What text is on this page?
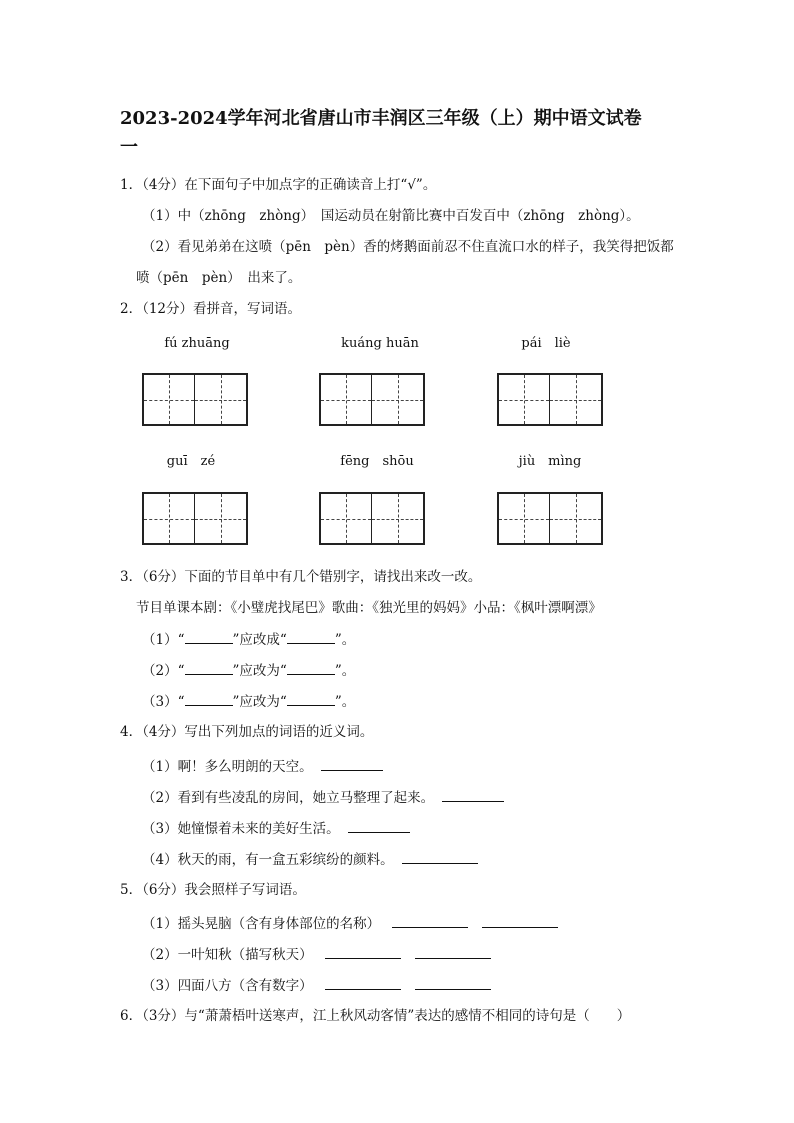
2023-2024学年河北省唐山市丰润区三年级（上）期中语文试卷
一
1．（4分）在下面句子中加点字的正确读音上打“√”。
（1）中（zhōng　zhòng）　国运动员在射箭比赛中百发百中（zhōng　zhòng）。
（2）看见弟弟在这喷（pēn　pèn）香的烤鹅面前忍不住直流口水的样子，我笑得把饭都
喷（pēn　pèn）　出来了。
2．（12分）看拼音，写词语。
fú zhuāng	kuáng huān	pái　liè
guī　zé	fēng　shōu	jiù　mìng
3．（6分）下面的节目单中有几个错别字，请找出来改一改。
节目单课本剧：《小璧虎找尾巴》歌曲：《独光里的妈妈》小品：《枫叶漂啊漂》
（1）“	”应改成“	”。
（2）“	”应改为“	”。
（3）“	”应改为“	”。
4．（4分）写出下列加点的词语的近义词。
（1）啊！多么明朗的天空。
（2）看到有些凌乱的房间，她立马整理了起来。
（3）她憧憬着未来的美好生活。
（4）秋天的雨，有一盒五彩缤纷的颜料。
5．（6分）我会照样子写词语。
（1）摇头晃脑（含有身体部位的名称）
（2）一叶知秋（描写秋天）
（3）四面八方（含有数字）
6．（3分）与“萧萧梧叶送寒声，江上秋风动客情”表达的感情不相同的诗句是（　　）
